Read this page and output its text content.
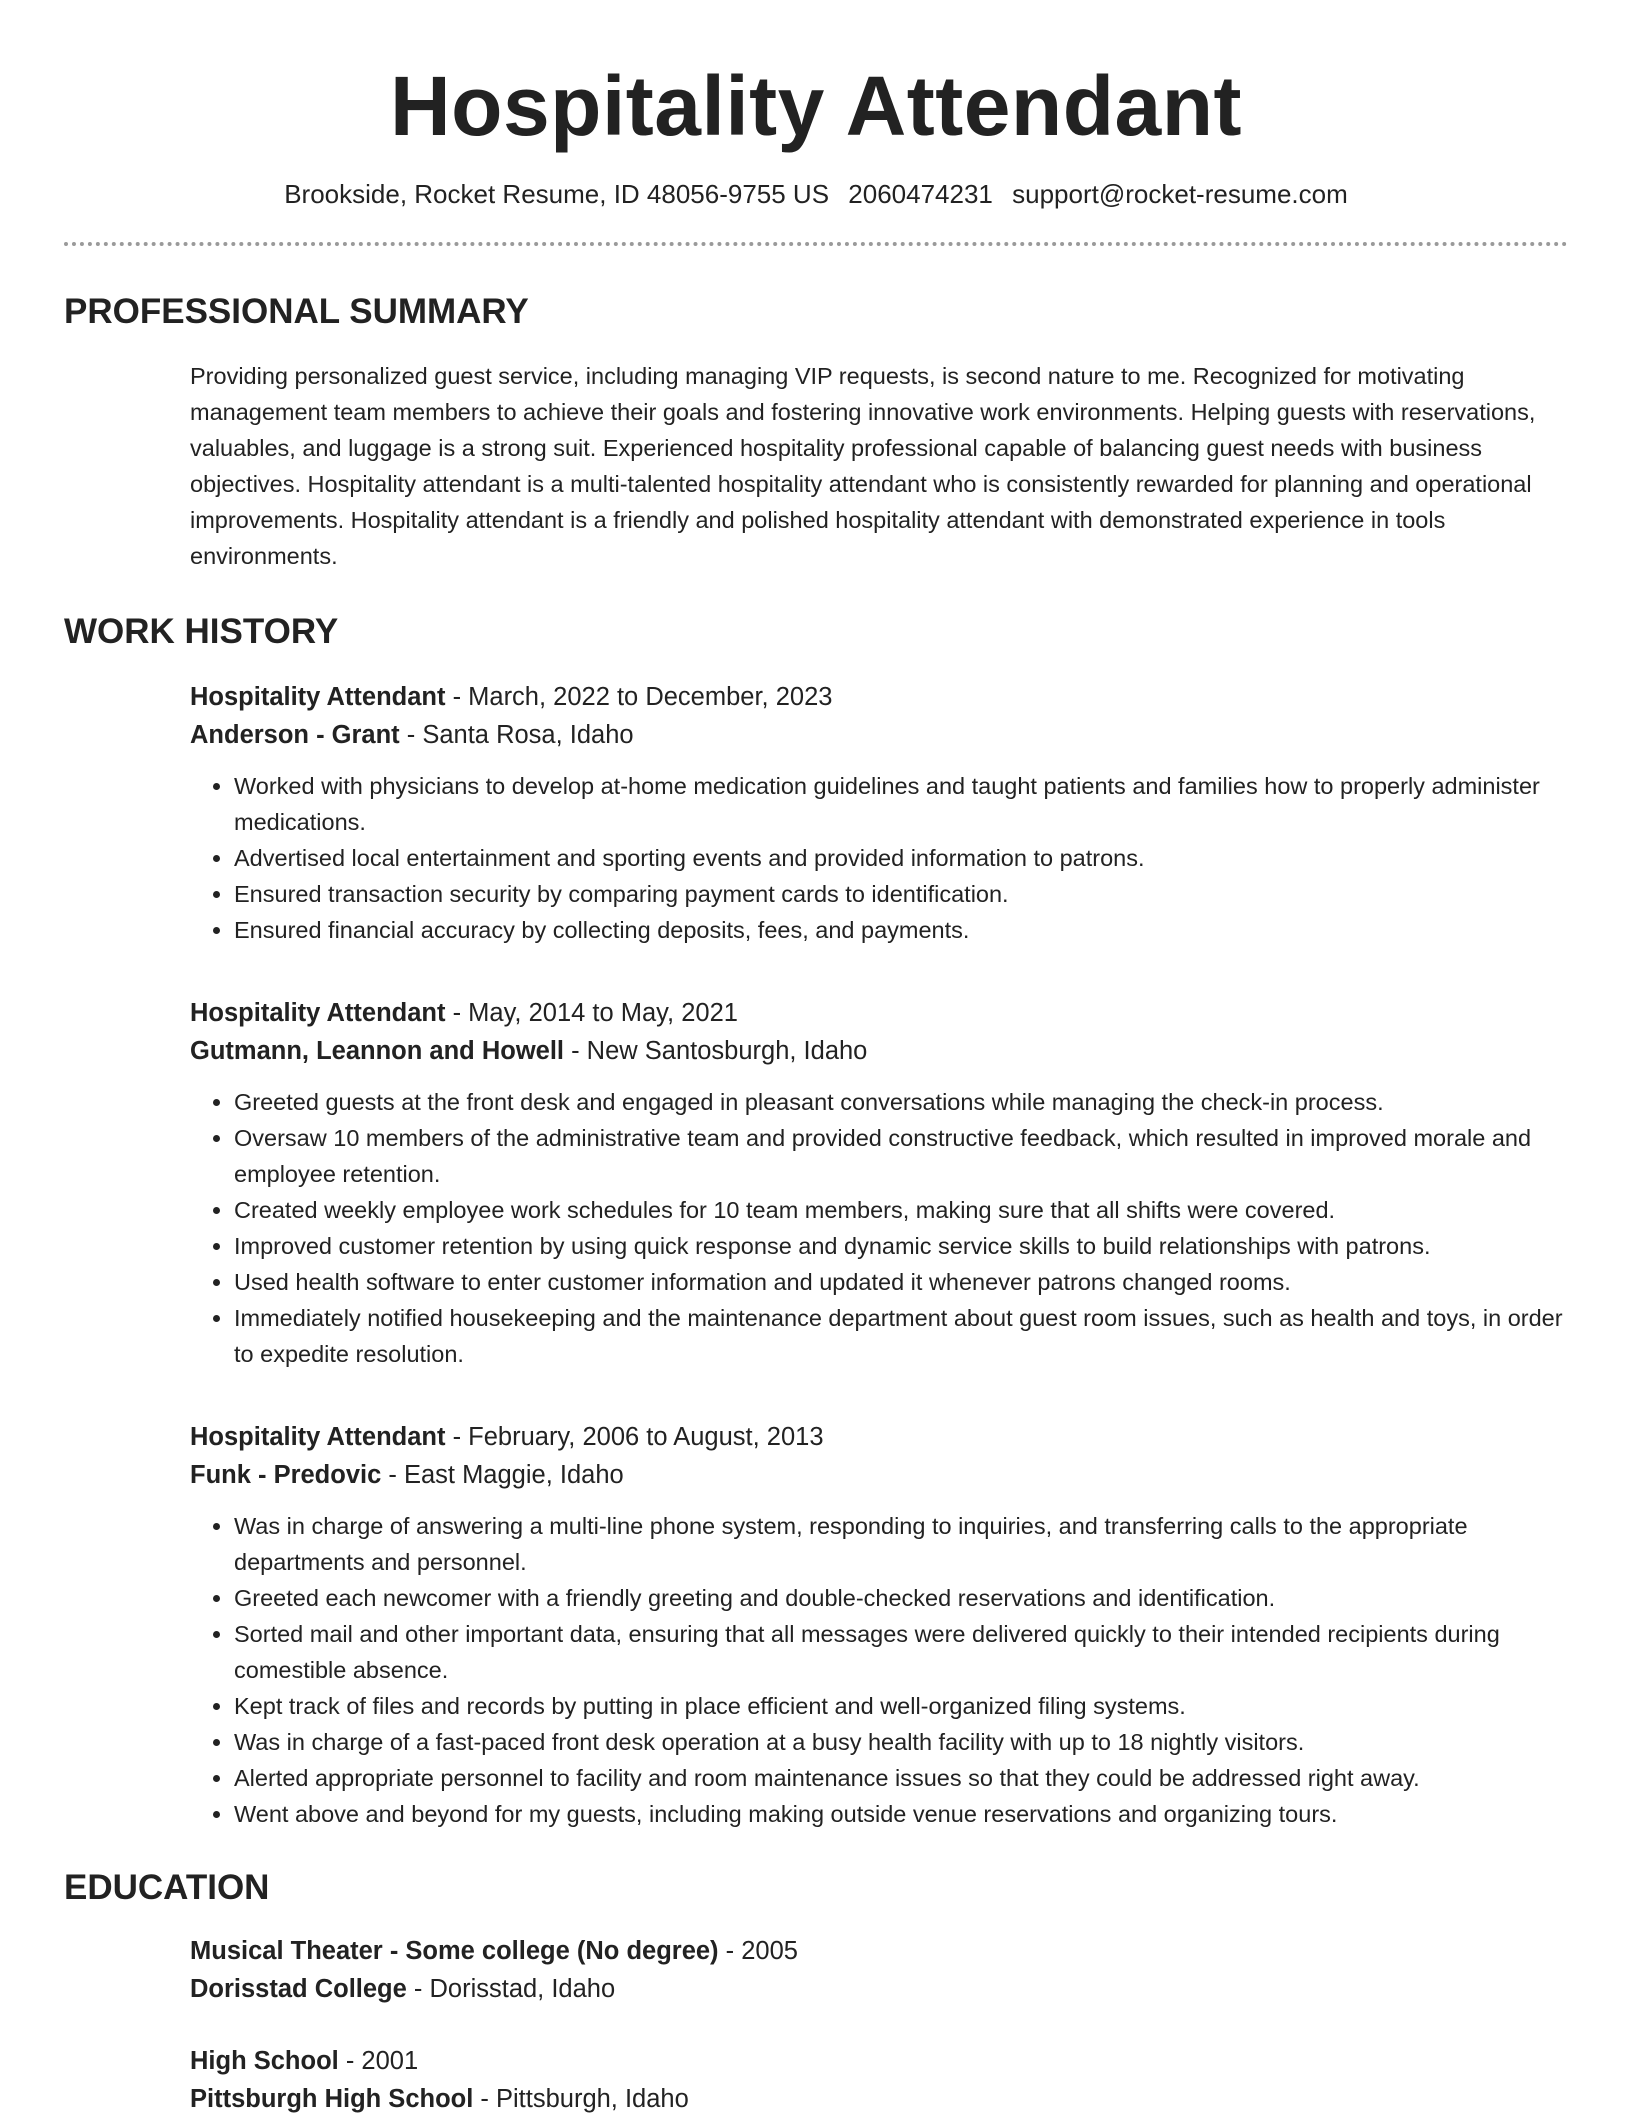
Hospitality Attendant
Brookside, Rocket Resume, ID 48056-9755 US 2060474231 support@rocket-resume.com
PROFESSIONAL SUMMARY

Providing personalized guest service, including managing VIP requests, is second nature to me. Recognized for motivating management team members to achieve their goals and fostering innovative work environments. Helping guests with reservations, valuables, and luggage is a strong suit. Experienced hospitality professional capable of balancing guest needs with business objectives. Hospitality attendant is a multi-talented hospitality attendant who is consistently rewarded for planning and operational improvements. Hospitality attendant is a friendly and polished hospitality attendant with demonstrated experience in tools environments.

WORK HISTORY
Hospitality Attendant - March, 2022 to December, 2023
Anderson - Grant - Santa Rosa, Idaho
• Worked with physicians to develop at-home medication guidelines and taught patients and families how to properly administer medications.
• Advertised local entertainment and sporting events and provided information to patrons.
• Ensured transaction security by comparing payment cards to identification.
• Ensured financial accuracy by collecting deposits, fees, and payments.
Hospitality Attendant - May, 2014 to May, 2021
Gutmann, Leannon and Howell - New Santosburgh, Idaho
• Greeted guests at the front desk and engaged in pleasant conversations while managing the check-in process.
• Oversaw 10 members of the administrative team and provided constructive feedback, which resulted in improved morale and employee retention.
• Created weekly employee work schedules for 10 team members, making sure that all shifts were covered.
• Improved customer retention by using quick response and dynamic service skills to build relationships with patrons.
• Used health software to enter customer information and updated it whenever patrons changed rooms.
• Immediately notified housekeeping and the maintenance department about guest room issues, such as health and toys, in order to expedite resolution.
Hospitality Attendant - February, 2006 to August, 2013
Funk - Predovic - East Maggie, Idaho
• Was in charge of answering a multi-line phone system, responding to inquiries, and transferring calls to the appropriate departments and personnel.
• Greeted each newcomer with a friendly greeting and double-checked reservations and identification.
• Sorted mail and other important data, ensuring that all messages were delivered quickly to their intended recipients during comestible absence.
• Kept track of files and records by putting in place efficient and well-organized filing systems.
• Was in charge of a fast-paced front desk operation at a busy health facility with up to 18 nightly visitors.
• Alerted appropriate personnel to facility and room maintenance issues so that they could be addressed right away.
• Went above and beyond for my guests, including making outside venue reservations and organizing tours.
EDUCATION
Musical Theater - Some college (No degree) - 2005
Dorisstad College - Dorisstad, Idaho
High School - 2001
Pittsburgh High School - Pittsburgh, Idaho
